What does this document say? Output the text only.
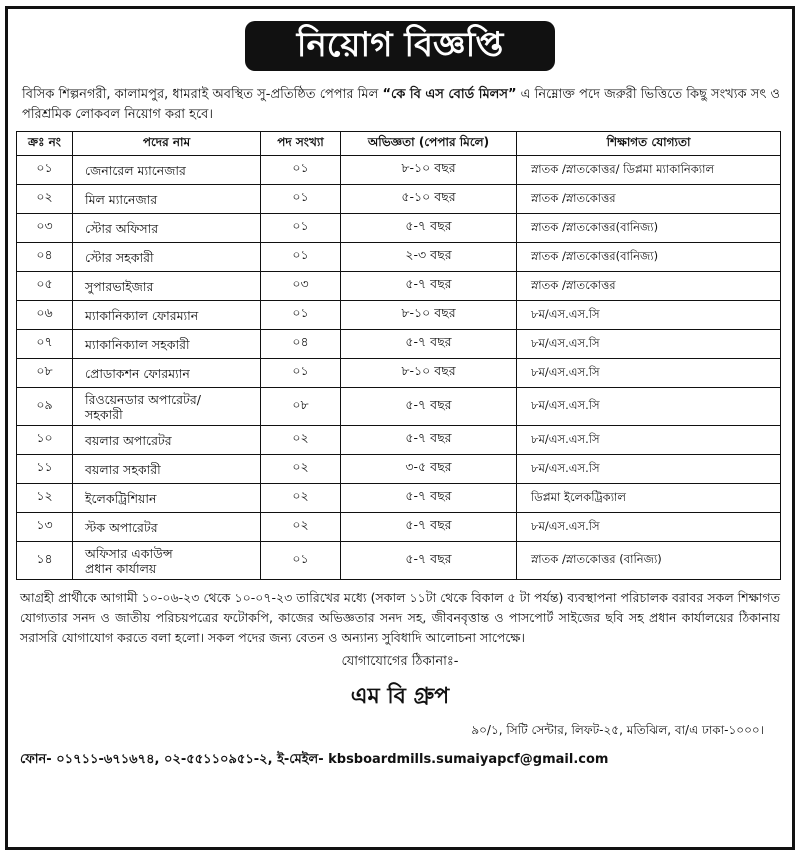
নিয়োগ বিজ্ঞপ্তি
বিসিক শিল্পনগরী, কালামপুর, ধামরাই অবস্থিত সু-প্রতিষ্ঠিত পেপার মিল “কে বি এস বোর্ড মিলস” এ নিম্নোক্ত পদে জরুরী ভিত্তিতে কিছু সংখ্যক সৎ ও পরিশ্রমিক লোকবল নিয়োগ করা হবে।
ক্রঃ নং	পদের নাম	পদ সংখ্যা	অভিজ্ঞতা (পেপার মিলে)	শিক্ষাগত যোগ্যতা
০১	জেনারেল ম্যানেজার	০১	৮-১০ বছর	স্নাতক /স্নাতকোত্তর/ ডিপ্লমা ম্যাকানিক্যাল
০২	মিল ম্যানেজার	০১	৫-১০ বছর	স্নাতক /স্নাতকোত্তর
০৩	স্টোর অফিসার	০১	৫-৭ বছর	স্নাতক /স্নাতকোত্তর(বানিজ্য)
০৪	স্টোর সহকারী	০১	২-৩ বছর	স্নাতক /স্নাতকোত্তর(বানিজ্য)
০৫	সুপারভাইজার	০৩	৫-৭ বছর	স্নাতক /স্নাতকোত্তর
০৬	ম্যাকানিক্যাল ফোরম্যান	০১	৮-১০ বছর	৮ম/এস.এস.সি
০৭	ম্যাকানিক্যাল সহকারী	০৪	৫-৭ বছর	৮ম/এস.এস.সি
০৮	প্রোডাকশন ফোরম্যান	০১	৮-১০ বছর	৮ম/এস.এস.সি
০৯	রিওয়েনডার অপারেটর/
সহকারী	০৮	৫-৭ বছর	৮ম/এস.এস.সি
১০	বয়লার অপারেটর	০২	৫-৭ বছর	৮ম/এস.এস.সি
১১	বয়লার সহকারী	০২	৩-৫ বছর	৮ম/এস.এস.সি
১২	ইলেকট্রিশিয়ান	০২	৫-৭ বছর	ডিপ্লমা ইলেকট্রিক্যাল
১৩	স্টক অপারেটর	০২	৫-৭ বছর	৮ম/এস.এস.সি
১৪	অফিসার একাউন্স
প্রধান কার্যালয়	০১	৫-৭ বছর	স্নাতক /স্নাতকোত্তর (বানিজ্য)
আগ্রহী প্রার্থীকে আগামী ১০-০৬-২৩ থেকে ১০-০৭-২৩ তারিখের মধ্যে (সকাল ১১টা থেকে বিকাল ৫ টা পর্যন্ত) ব্যবস্থাপনা পরিচালক বরাবর সকল শিক্ষাগত যোগ্যতার সনদ ও জাতীয় পরিচয়পত্রের ফটোকপি, কাজের অভিজ্ঞতার সনদ সহ, জীবনবৃত্তান্ত ও পাসপোর্ট সাইজের ছবি সহ প্রধান কার্যালয়ের ঠিকানায় সরাসরি যোগাযোগ করতে বলা হলো। সকল পদের জন্য বেতন ও অন্যান্য সুবিধাদি আলোচনা সাপেক্ষে।
যোগাযোগের ঠিকানাঃ-
এম বি গ্রুপ
৯০/১, সিটি সেন্টার, লিফট-২৫, মতিঝিল, বা/এ ঢাকা-১০০০।
ফোন- ০১৭১১-৬৭১৬৭৪, ০২-৫৫১১০৯৫১-২, ই-মেইল- kbsboardmills.sumaiyapcf@gmail.com
